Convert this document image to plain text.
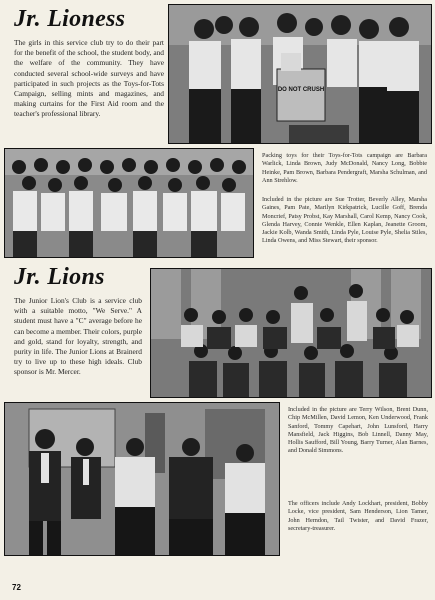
Jr. Lioness

The girls in this service club try to do their part for the benefit of the school, the student body, and the welfare of the community. They have conducted several school-wide surveys and have participated in such projects as the Toys-for-Tots Campaign, selling mints and magazines, and making curtains for the First Aid room and the teacher's professional library.

DO NOT CRUSH

Packing toys for their Toys-for-Tots campaign are Barbara Warlick, Linda Brown, Judy McDonald, Nancy Long, Bobbie Heinke, Pam Brown, Barbara Pendergraft, Marsha Schulman, and Ann Strehlow.

Included in the picture are Sue Trotter, Beverly Alley, Marsha Gaines, Pam Pate, Marilyn Kirkpatrick, Lucille Goff, Brenda Moncrief, Patsy Probst, Kay Marshall, Carol Kemp, Nancy Cook, Glenda Harvey, Connie Wenkle, Ellen Kaplan, Jeanette Groom, Jackie Kolb, Wanda Smith, Linda Pyle, Louise Pyle, Shelia Stiles, Linda Owens, and Miss Stewart, their sponsor.

Jr. Lions

The Junior Lion's Club is a service club with a suitable motto, "We Serve." A student must have a "C" average before he can become a member. Their colors, purple and gold, stand for loyalty, strength, and purity in life. The Junior Lions at Brainerd try to live up to these high ideals. Club sponsor is Mr. Mercer.

Included in the picture are Terry Wilson, Brent Dunn, Chip McMillen, David Lemon, Ken Underwood, Frank Sanford, Tommy Capehart, John Lunsford, Harry Mansfield, Jack Higgins, Bob Linnell, Danny May, Hollis Saufford, Bill Young, Barry Turner, Alan Barnes, and Donald Simmons.

The officers include Andy Lockhart, president, Bobby Locke, vice president, Sam Henderson, Lion Tamer, John Herndon, Tail Twister, and David Frazer, secretary-treasurer.

72
